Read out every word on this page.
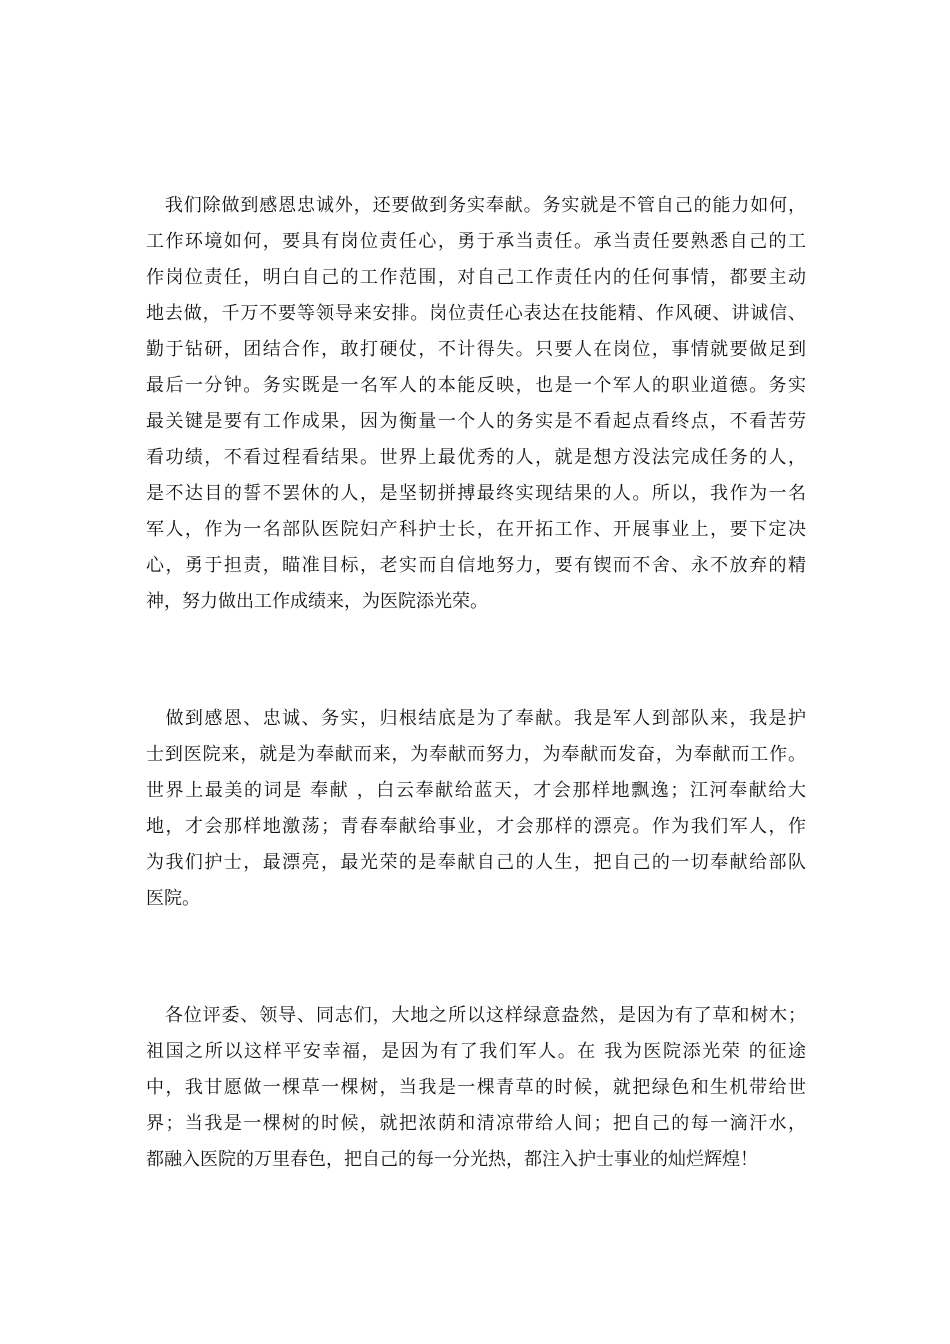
　我们除做到感恩忠诚外，还要做到务实奉献。务实就是不管自己的能力如何，
工作环境如何，要具有岗位责任心，勇于承当责任。承当责任要熟悉自己的工
作岗位责任，明白自己的工作范围，对自己工作责任内的任何事情，都要主动
地去做，千万不要等领导来安排。岗位责任心表达在技能精、作风硬、讲诚信、
勤于钻研，团结合作，敢打硬仗，不计得失。只要人在岗位，事情就要做足到
最后一分钟。务实既是一名军人的本能反映，也是一个军人的职业道德。务实
最关键是要有工作成果，因为衡量一个人的务实是不看起点看终点，不看苦劳
看功绩，不看过程看结果。世界上最优秀的人，就是想方没法完成任务的人，
是不达目的誓不罢休的人，是坚韧拼搏最终实现结果的人。所以，我作为一名
军人，作为一名部队医院妇产科护士长，在开拓工作、开展事业上，要下定决
心，勇于担责，瞄准目标，老实而自信地努力，要有锲而不舍、永不放弃的精
神，努力做出工作成绩来，为医院添光荣。

　做到感恩、忠诚、务实，归根结底是为了奉献。我是军人到部队来，我是护
士到医院来，就是为奉献而来，为奉献而努力，为奉献而发奋，为奉献而工作。
世界上最美的词是 奉献 ，白云奉献给蓝天，才会那样地飘逸；江河奉献给大
地，才会那样地激荡；青春奉献给事业，才会那样的漂亮。作为我们军人，作
为我们护士，最漂亮，最光荣的是奉献自己的人生，把自己的一切奉献给部队
医院。

　各位评委、领导、同志们，大地之所以这样绿意盎然，是因为有了草和树木；
祖国之所以这样平安幸福，是因为有了我们军人。在 我为医院添光荣 的征途
中，我甘愿做一棵草一棵树，当我是一棵青草的时候，就把绿色和生机带给世
界；当我是一棵树的时候，就把浓荫和清凉带给人间；把自己的每一滴汗水，
都融入医院的万里春色，把自己的每一分光热，都注入护士事业的灿烂辉煌！
